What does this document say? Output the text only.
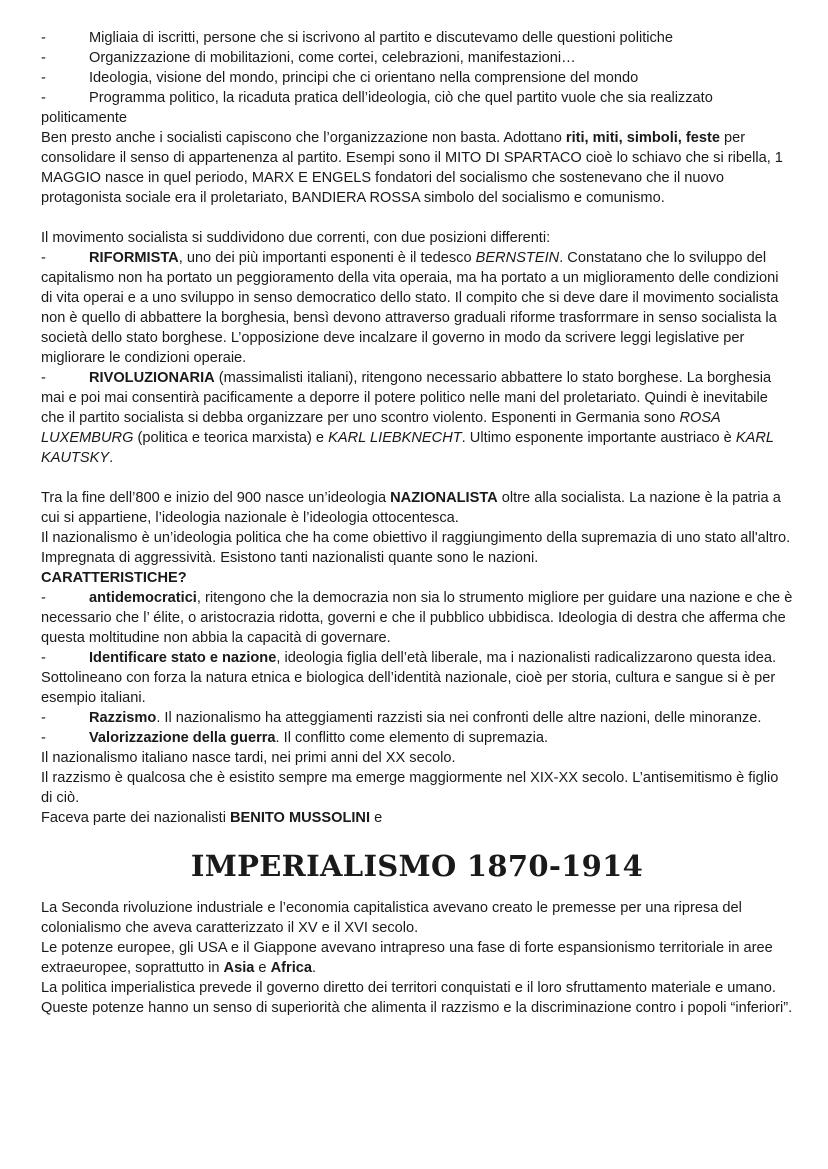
-	Migliaia di iscritti, persone che si iscrivono al partito e discutevamo delle questioni politiche

-	Organizzazione di mobilitazioni, come cortei, celebrazioni, manifestazioni…

-	Ideologia, visione del mondo, principi che ci orientano nella comprensione del mondo

-	Programma politico, la ricaduta pratica dell’ideologia, ciò che quel partito vuole che sia realizzato politicamente

Ben presto anche i socialisti capiscono che l’organizzazione non basta. Adottano riti, miti, simboli, feste per consolidare il senso di appartenenza al partito. Esempi sono il MITO DI SPARTACO cioè lo schiavo che si ribella, 1 MAGGIO nasce in quel periodo, MARX E ENGELS fondatori del socialismo che sostenevano che il nuovo protagonista sociale era il proletariato, BANDIERA ROSSA simbolo del socialismo e comunismo.

Il movimento socialista si suddividono due correnti, con due posizioni differenti:

-	RIFORMISTA, uno dei più importanti esponenti è il tedesco BERNSTEIN. Constatano che lo sviluppo del capitalismo non ha portato un peggioramento della vita operaia, ma ha portato a un miglioramento delle condizioni di vita operai e a uno sviluppo in senso democratico dello stato. Il compito che si deve dare il movimento socialista non è quello di abbattere la borghesia, bensì devono attraverso graduali riforme trasforrmare in senso socialista la società dello stato borghese. L’opposizione deve incalzare il governo in modo da scrivere leggi legislative per migliorare le condizioni operaie.

-	RIVOLUZIONARIA (massimalisti italiani), ritengono necessario abbattere lo stato borghese. La borghesia mai e poi mai consentirà pacificamente a deporre il potere politico nelle mani del proletariato. Quindi è inevitabile che il partito socialista si debba organizzare per uno scontro violento. Esponenti in Germania sono ROSA LUXEMBURG (politica e teorica marxista) e KARL LIEBKNECHT. Ultimo esponente importante austriaco è KARL KAUTSKY.

Tra la fine dell’800 e inizio del 900 nasce un’ideologia NAZIONALISTA oltre alla socialista. La nazione è la patria a cui si appartiene, l’ideologia nazionale è l’ideologia ottocentesca.

Il nazionalismo è un’ideologia politica che ha come obiettivo il raggiungimento della supremazia di uno stato all'altro. Impregnata di aggressività. Esistono tanti nazionalisti quante sono le nazioni.

CARATTERISTICHE?

-	antidemocratici, ritengono che la democrazia non sia lo strumento migliore per guidare una nazione e che è necessario che l’ élite, o aristocrazia ridotta, governi e che il pubblico ubbidisca. Ideologia di destra che afferma che questa moltitudine non abbia la capacità di governare.

-	Identificare stato e nazione, ideologia figlia dell’età liberale, ma i nazionalisti radicalizzarono questa idea. Sottolineano con forza la natura etnica e biologica dell’identità nazionale, cioè per storia, cultura e sangue si è per esempio italiani.

-	Razzismo. Il nazionalismo ha atteggiamenti razzisti sia nei confronti delle altre nazioni, delle minoranze.

-	Valorizzazione della guerra. Il conflitto come elemento di supremazia.

Il nazionalismo italiano nasce tardi, nei primi anni del XX secolo.

Il razzismo è qualcosa che è esistito sempre ma emerge maggiormente nel XIX-XX secolo. L’antisemitismo è figlio di ciò.

Faceva parte dei nazionalisti BENITO MUSSOLINI e

IMPERIALISMO 1870-1914

La Seconda rivoluzione industriale e l’economia capitalistica avevano creato le premesse per una ripresa del colonialismo che aveva caratterizzato il XV e il XVI secolo.

Le potenze europee, gli USA e il Giappone avevano intrapreso una fase di forte espansionismo territoriale in aree extraeuropee, soprattutto in Asia e Africa.

La politica imperialistica prevede il governo diretto dei territori conquistati e il loro sfruttamento materiale e umano. Queste potenze hanno un senso di superiorità che alimenta il razzismo e la discriminazione contro i popoli “inferiori”.
